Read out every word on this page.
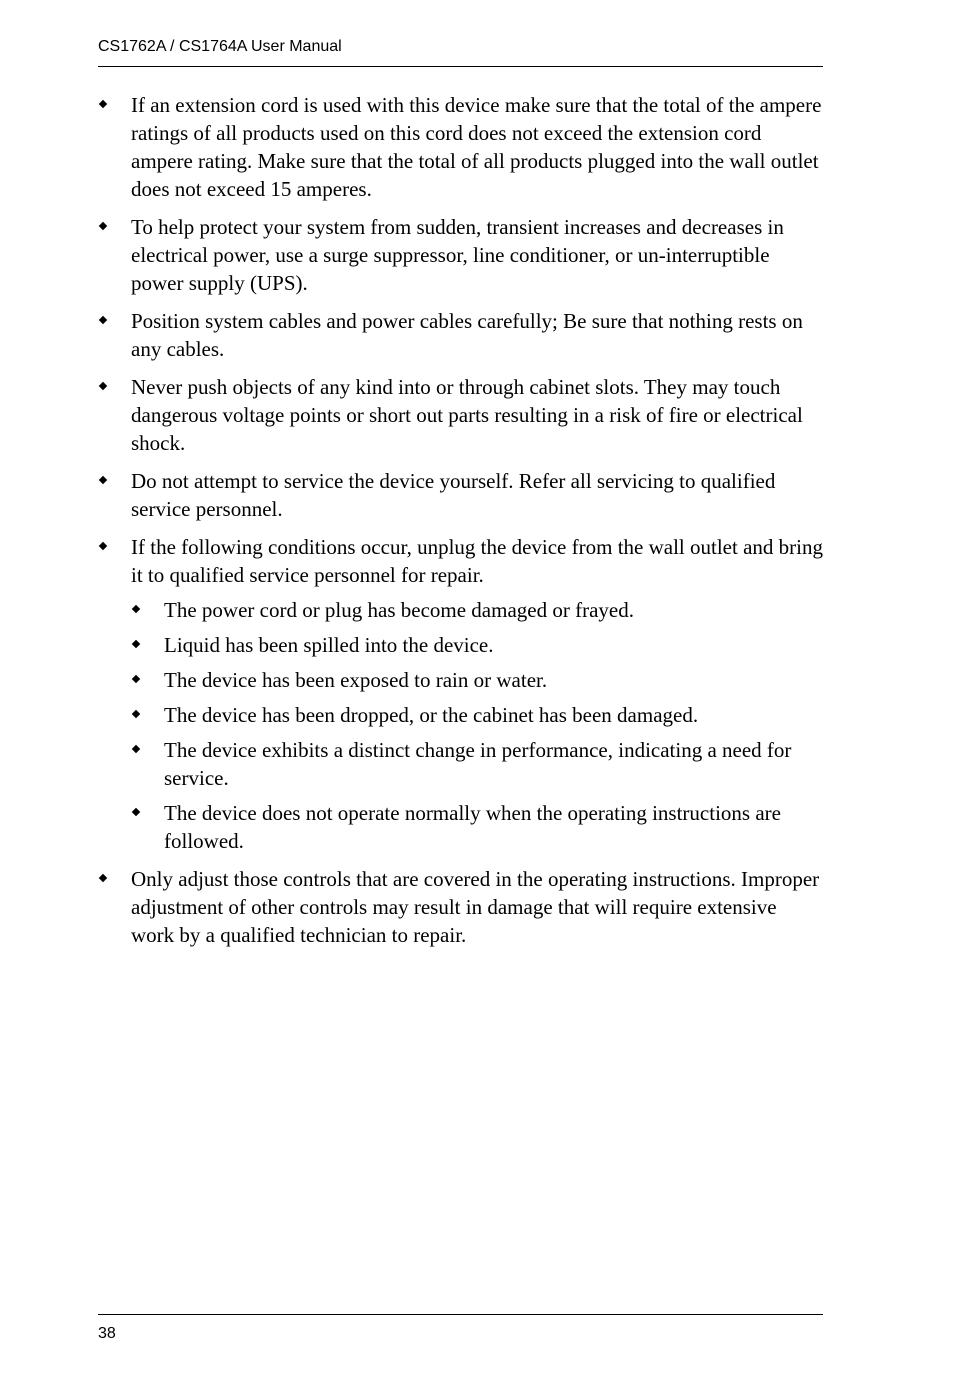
CS1762A / CS1764A User Manual
If an extension cord is used with this device make sure that the total of the ampere ratings of all products used on this cord does not exceed the extension cord ampere rating. Make sure that the total of all products plugged into the wall outlet does not exceed 15 amperes.
To help protect your system from sudden, transient increases and decreases in electrical power, use a surge suppressor, line conditioner, or un-interruptible power supply (UPS).
Position system cables and power cables carefully; Be sure that nothing rests on any cables.
Never push objects of any kind into or through cabinet slots. They may touch dangerous voltage points or short out parts resulting in a risk of fire or electrical shock.
Do not attempt to service the device yourself. Refer all servicing to qualified service personnel.
If the following conditions occur, unplug the device from the wall outlet and bring it to qualified service personnel for repair.
The power cord or plug has become damaged or frayed.
Liquid has been spilled into the device.
The device has been exposed to rain or water.
The device has been dropped, or the cabinet has been damaged.
The device exhibits a distinct change in performance, indicating a need for service.
The device does not operate normally when the operating instructions are followed.
Only adjust those controls that are covered in the operating instructions. Improper adjustment of other controls may result in damage that will require extensive work by a qualified technician to repair.
38
